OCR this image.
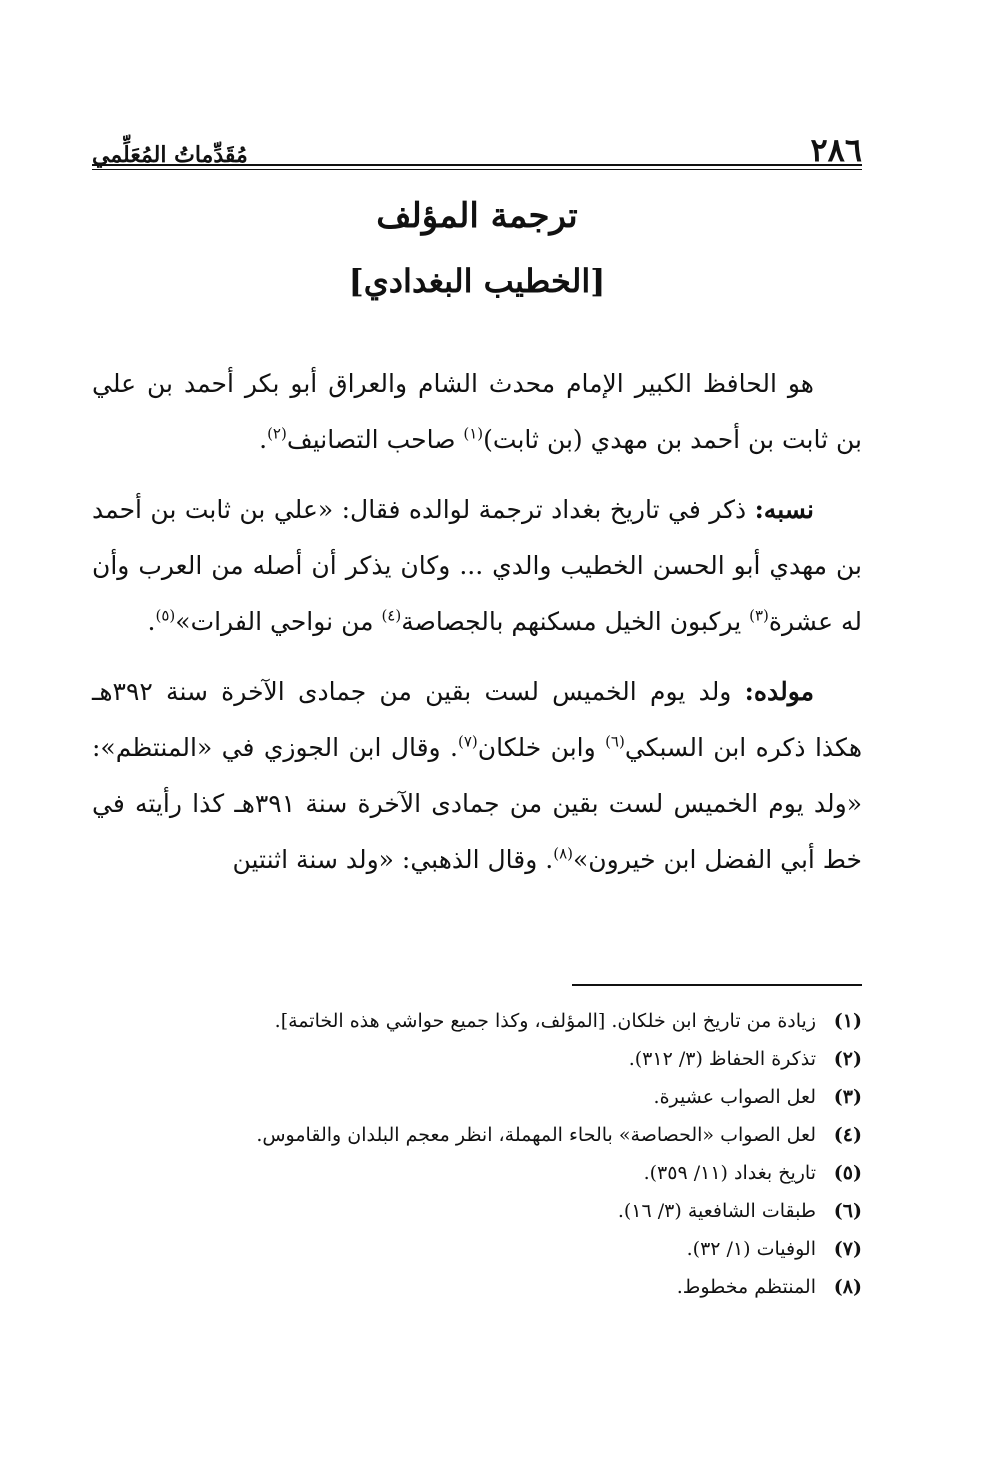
٢٨٦
مُقَدِّماتُ المُعَلِّمي
ترجمة المؤلف
[الخطيب البغدادي]

هو الحافظ الكبير الإمام محدث الشام والعراق أبو بكر أحمد بن علي بن ثابت بن أحمد بن مهدي (بن ثابت)$^{(١)}$ صاحب التصانيف$^{(٢)}$.

نسبه: ذكر في تاريخ بغداد ترجمة لوالده فقال: «علي بن ثابت بن أحمد بن مهدي أبو الحسن الخطيب والدي ... وكان يذكر أن أصله من العرب وأن له عشرة$^{(٣)}$ يركبون الخيل مسكنهم بالجصاصة$^{(٤)}$ من نواحي الفرات»$^{(٥)}$.

مولده: ولد يوم الخميس لست بقين من جمادى الآخرة سنة ٣٩٢هـ هكذا ذكره ابن السبكي$^{(٦)}$ وابن خلكان$^{(٧)}$. وقال ابن الجوزي في «المنتظم»: «ولد يوم الخميس لست بقين من جمادى الآخرة سنة ٣٩١هـ كذا رأيته في خط أبي الفضل ابن خيرون»$^{(٨)}$. وقال الذهبي: «ولد سنة اثنتين

(١)
زيادة من تاريخ ابن خلكان. [المؤلف، وكذا جميع حواشي هذه الخاتمة].
(٢)
تذكرة الحفاظ (٣/ ٣١٢).
(٣)
لعل الصواب عشيرة.
(٤)
لعل الصواب «الحصاصة» بالحاء المهملة، انظر معجم البلدان والقاموس.
(٥)
تاريخ بغداد (١١/ ٣٥٩).
(٦)
طبقات الشافعية (٣/ ١٦).
(٧)
الوفيات (١/ ٣٢).
(٨)
المنتظم مخطوط.
